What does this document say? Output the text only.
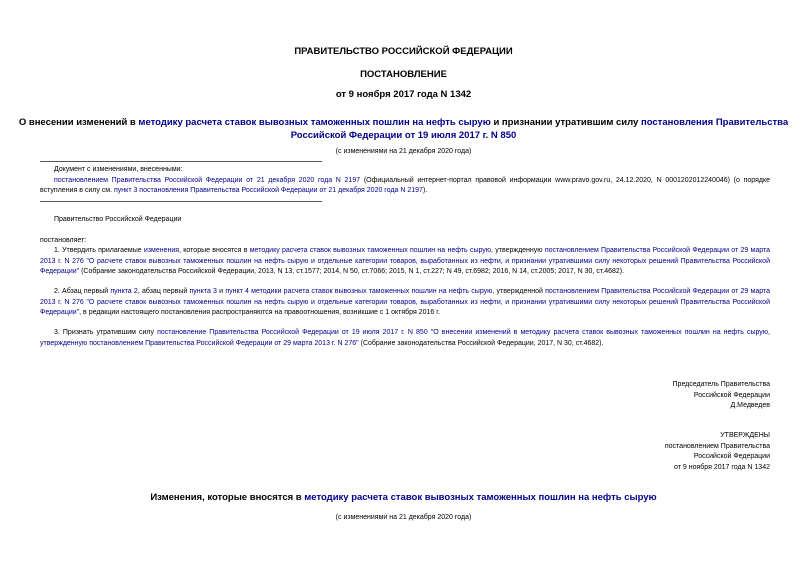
ПРАВИТЕЛЬСТВО РОССИЙСКОЙ ФЕДЕРАЦИИ
ПОСТАНОВЛЕНИЕ
от 9 ноября 2017 года N 1342
О внесении изменений в методику расчета ставок вывозных таможенных пошлин на нефть сырую и признании утратившим силу постановления Правительства
Российской Федерации от 19 июля 2017 г. N 850
(с изменениями на 21 декабря 2020 года)
Документ с изменениями, внесенными:
постановлением Правительства Российской Федерации от 21 декабря 2020 года N 2197 (Официальный интернет-портал правовой информации www.pravo.gov.ru, 24.12.2020, N 0001202012240046) (о порядке вступления в силу см. пункт 3 постановления Правительства Российской Федерации от 21 декабря 2020 года N 2197).
Правительство Российской Федерации
постановляет:
1. Утвердить прилагаемые изменения, которые вносятся в методику расчета ставок вывозных таможенных пошлин на нефть сырую, утвержденную постановлением Правительства Российской Федерации от 29 марта 2013 г. N 276 "О расчете ставок вывозных таможенных пошлин на нефть сырую и отдельные категории товаров, выработанных из нефти, и признании утратившими силу некоторых решений Правительства Российской Федерации" (Собрание законодательства Российской Федерации, 2013, N 13, ст.1577; 2014, N 50, ст.7066; 2015, N 1, ст.227; N 49, ст.6982; 2016, N 14, ст.2005; 2017, N 30, ст.4682).
2. Абзац первый пункта 2, абзац первый пункта 3 и пункт 4 методики расчета ставок вывозных таможенных пошлин на нефть сырую, утвержденной постановлением Правительства Российской Федерации от 29 марта 2013 г. N 276 "О расчете ставок вывозных таможенных пошлин на нефть сырую и отдельные категории товаров, выработанных из нефти, и признании утратившими силу некоторых решений Правительства Российской Федерации", в редакции настоящего постановления распространяются на правоотношения, возникшие с 1 октября 2016 г.
3. Признать утратившим силу постановление Правительства Российской Федерации от 19 июля 2017 г. N 850 "О внесении изменений в методику расчета ставок вывозных таможенных пошлин на нефть сырую, утвержденную постановлением Правительства Российской Федерации от 29 марта 2013 г. N 276" (Собрание законодательства Российской Федерации, 2017, N 30, ст.4682).
Председатель Правительства
Российской Федерации
Д.Медведев
УТВЕРЖДЕНЫ
постановлением Правительства
Российской Федерации
от 9 ноября 2017 года N 1342
Изменения, которые вносятся в методику расчета ставок вывозных таможенных пошлин на нефть сырую
(с изменениями на 21 декабря 2020 года)
